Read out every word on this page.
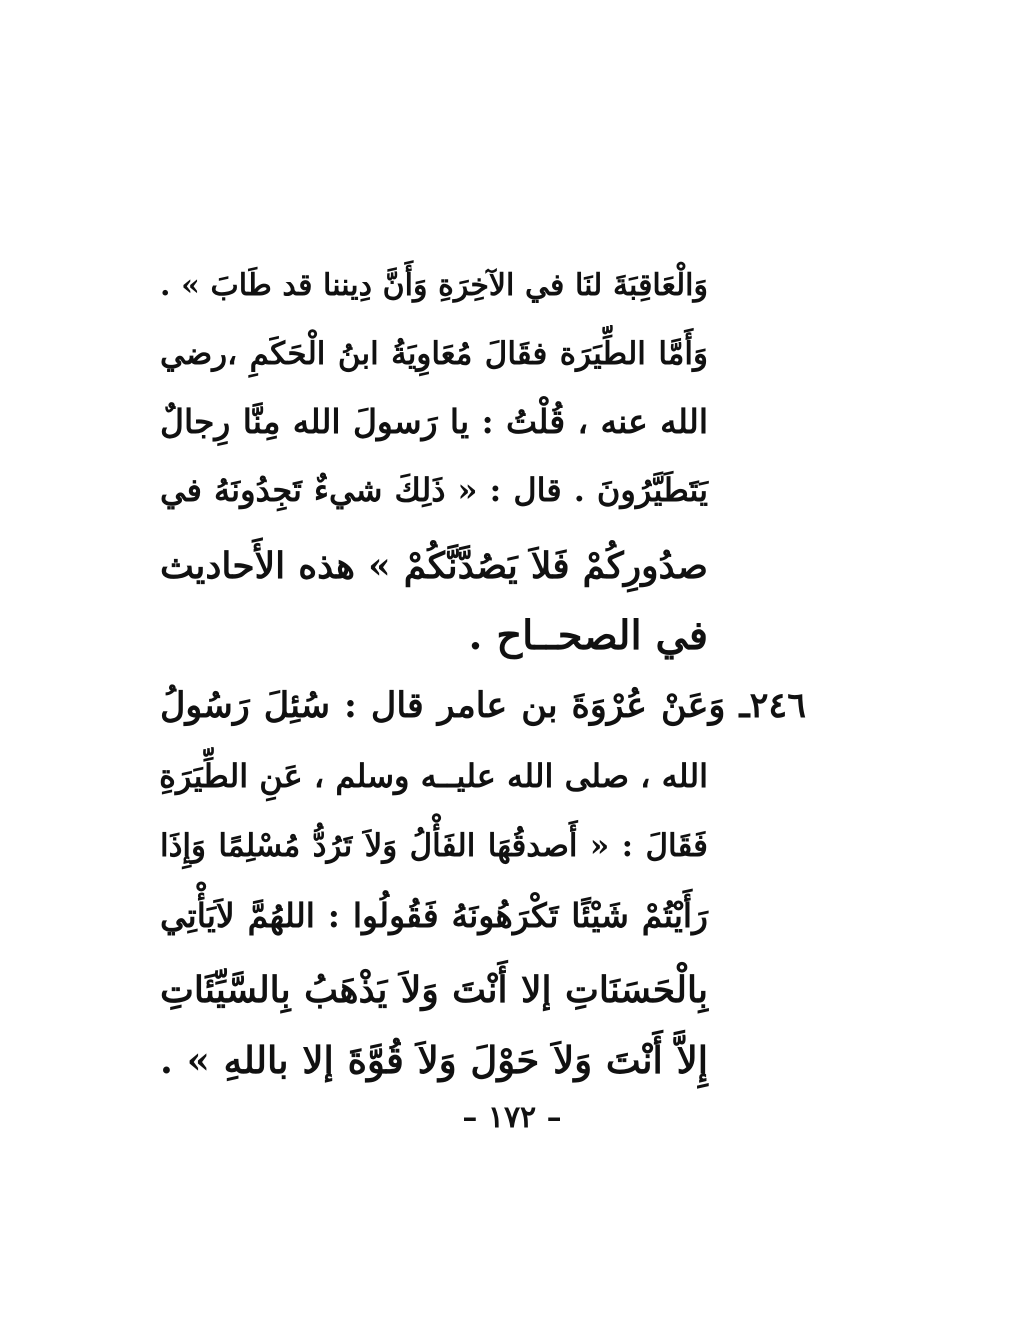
وَالْعَاقِبَةَ لنَا في الآخِرَةِ وَأَنَّ دِيننا قد طَابَ » .
وَأَمَّا الطِّيَرَة فقَالَ مُعَاوِيَةُ ابنُ الْحَكَمِ ،رضي
الله عنه ، قُلْتُ : يا رَسولَ الله مِنَّا رِجالٌ
يَتَطَيَّرُونَ . قال : « ذَلِكَ شيءٌ تَجِدُونَهُ في
صدُورِكُمْ فَلاَ يَصُدَّنَّكُمْ » هذه الأَحاديث
في الصحــاح .
٢٤٦ـ وَعَنْ عُرْوَةَ بن عامر قال : سُئِلَ رَسُولُ
الله ، صلى الله عليــه وسلم ، عَنِ الطِّيَرَةِ
فَقَالَ : « أَصدقُهَا الفَأْلُ وَلاَ تَرُدُّ مُسْلِمًا وَإِذَا
رَأَيْتُمْ شَيْئًا تَكْرَهُونَهُ فَقُولُوا : اللهُمَّ لاَيَأْتِي
بِالْحَسَنَاتِ إلا أَنْتَ وَلاَ يَذْهَبُ بِالسَّيِّئَاتِ
إِلاَّ أَنْتَ وَلاَ حَوْلَ وَلاَ قُوَّةَ إلا باللهِ » .
– ١٧٢ –
